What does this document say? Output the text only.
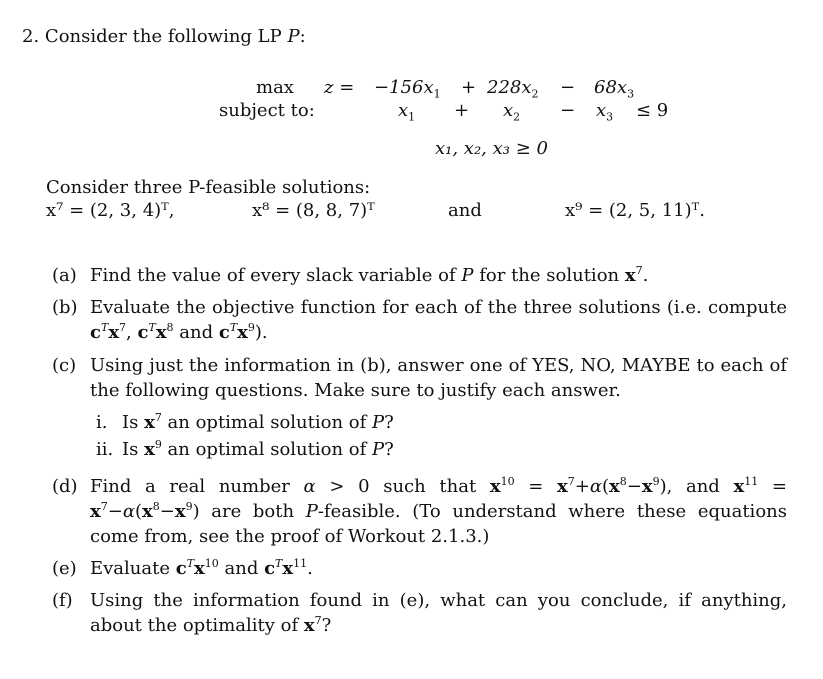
2. Consider the following LP P:
$\max z = -156x_1 + 228x_2 - 68x_3$
subject to:	$x_1 + x_2 - x_3 \le 9$
x₁, x₂, x₃ ≥ 0
Consider three P-feasible solutions:
x⁷ = (2, 3, 4)ᵀ,	x⁸ = (8, 8, 7)ᵀ	and	x⁹ = (2, 5, 11)ᵀ.
(a) Find the value of every slack variable of P for the solution $x^7$.
(b) Evaluate the objective function for each of the three solutions (i.e. compute $c^Tx^7$, $c^Tx^8$ and $c^Tx^9$).
(c) Using just the information in (b), answer one of YES, NO, MAYBE to each of the following questions. Make sure to justify each answer.
i. Is $x^7$ an optimal solution of P?
ii. Is $x^9$ an optimal solution of P?
(d) Find a real number α > 0 such that $x^{10} = x^7+\alpha(x^8-x^9)$, and $x^{11} = x^7-\alpha(x^8-x^9)$ are both P-feasible. (To understand where these equations come from, see the proof of Workout 2.1.3.)
(e) Evaluate $c^Tx^{10}$ and $c^Tx^{11}$.
(f) Using the information found in (e), what can you conclude, if anything, about the optimality of $x^7$?
